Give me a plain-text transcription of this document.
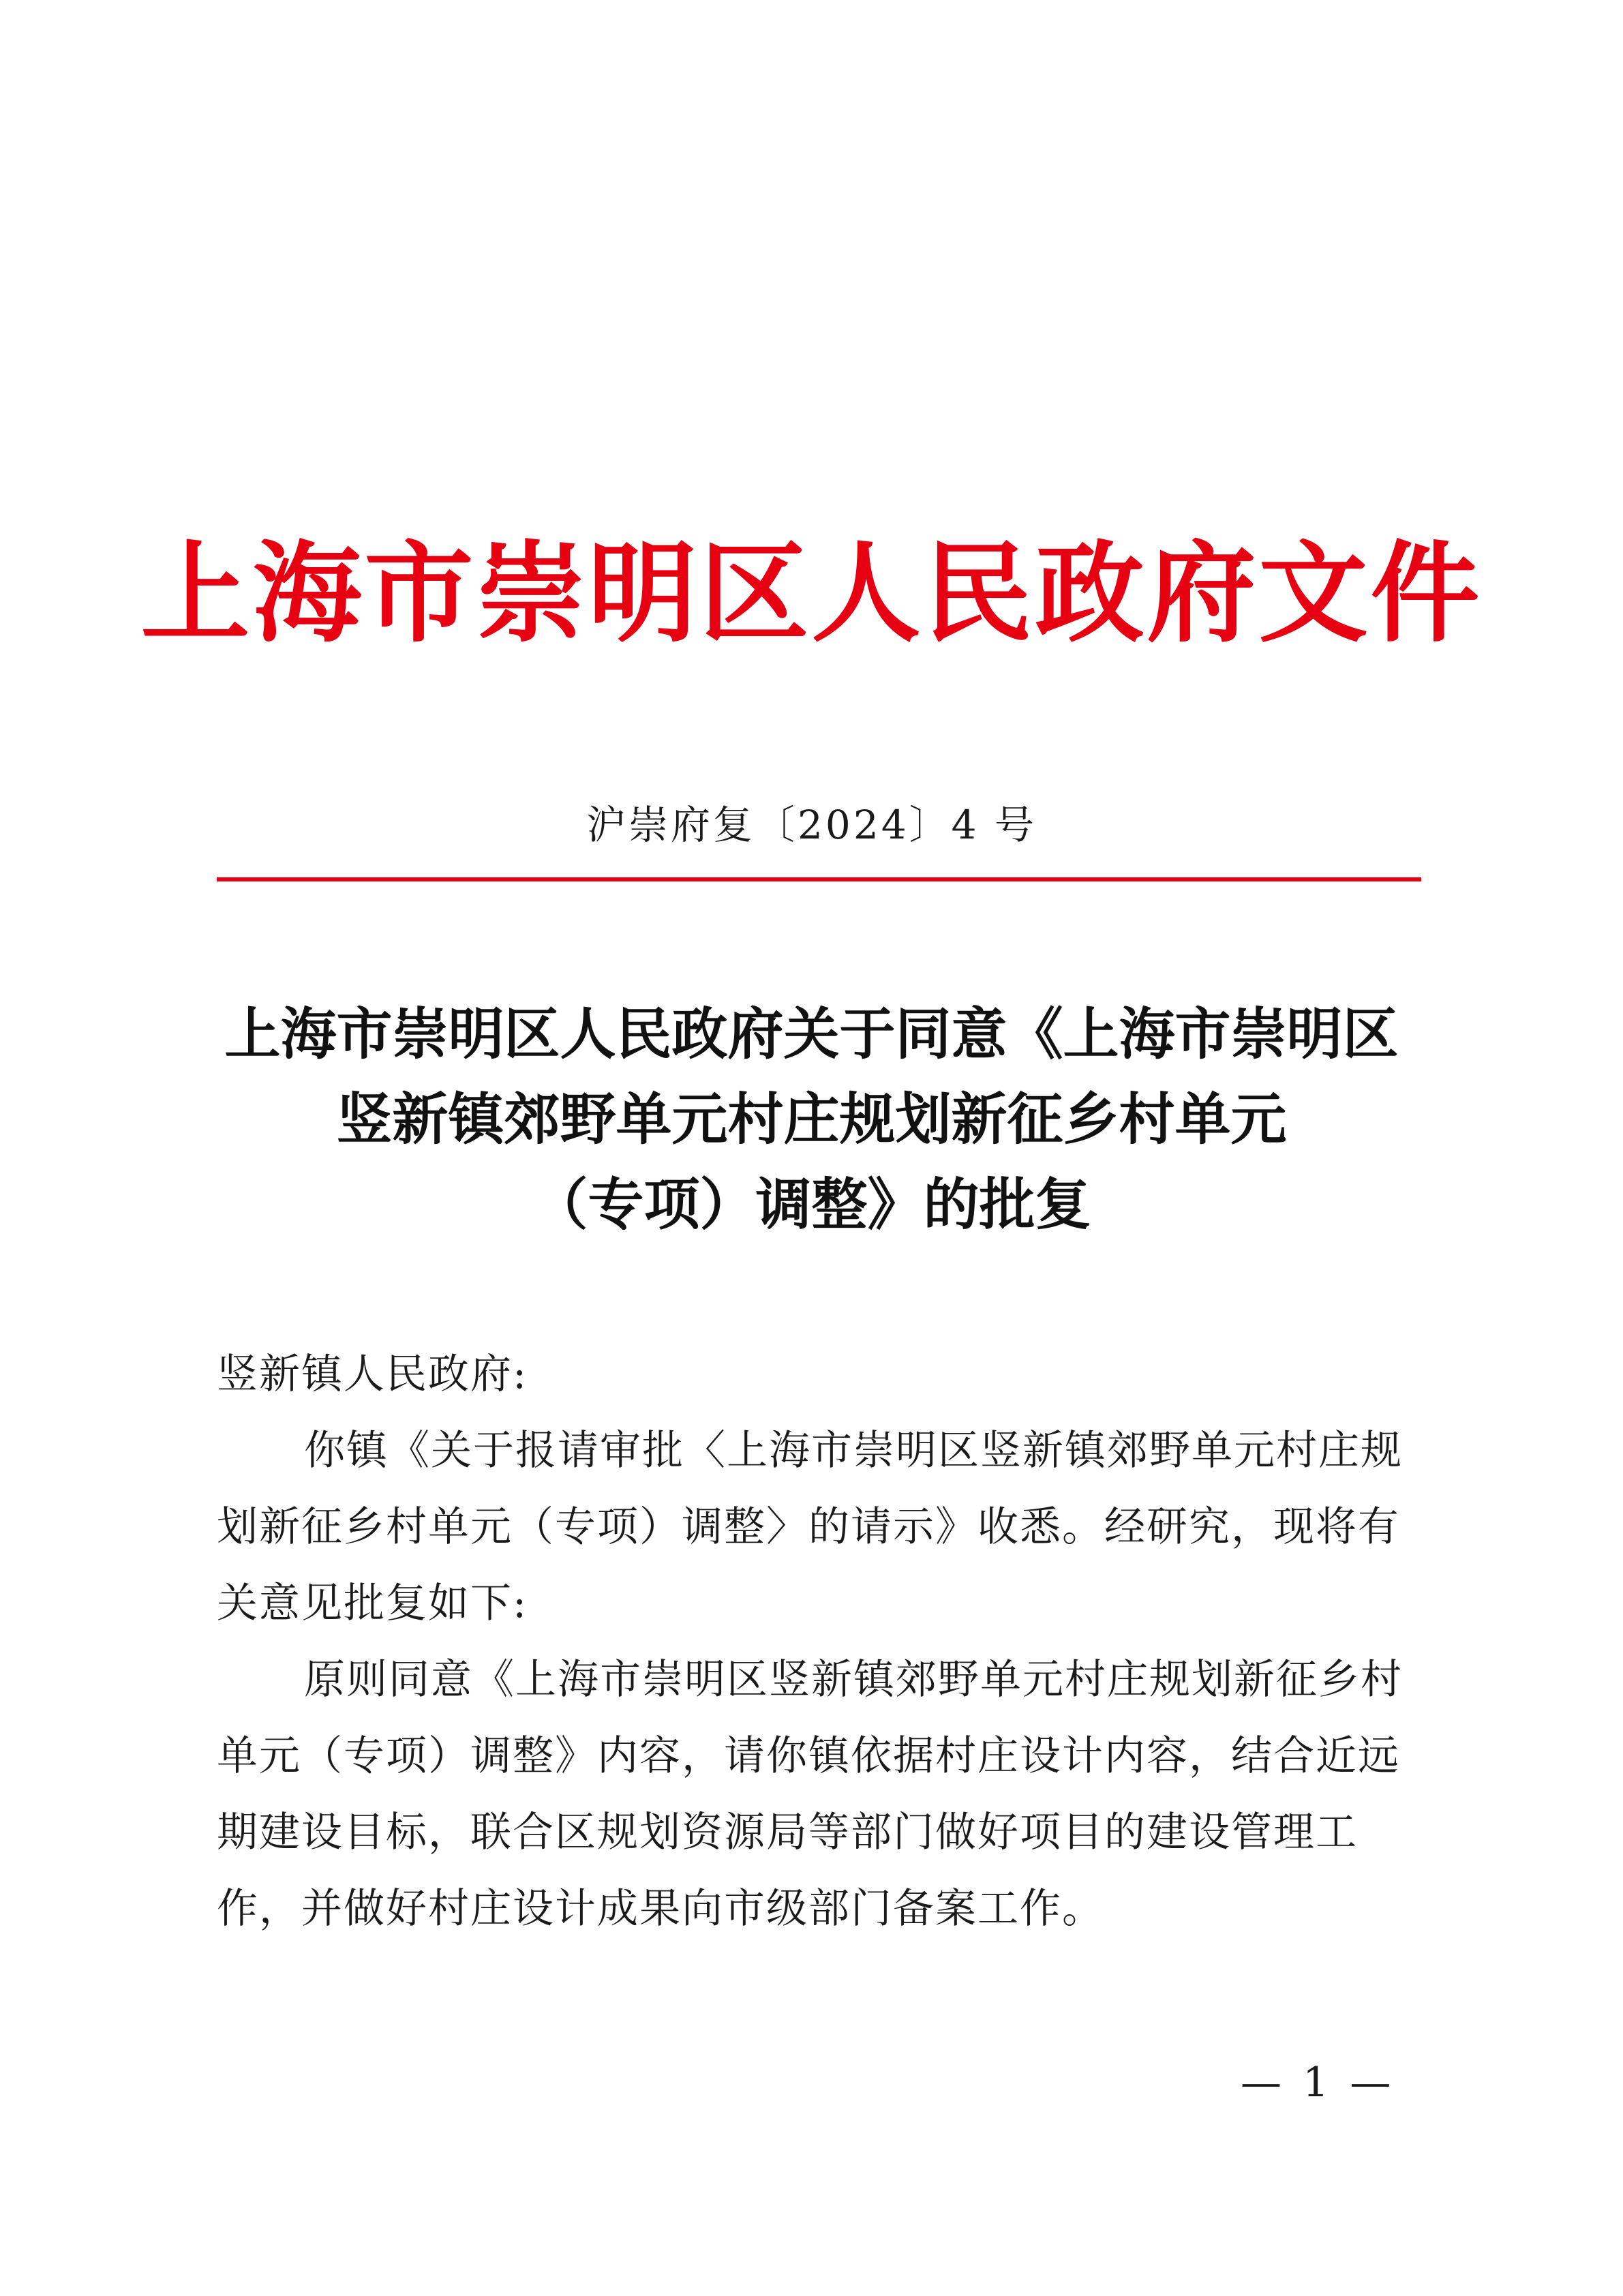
上海市崇明区人民政府文件
沪崇府复〔2024〕4 号
上海市崇明区人民政府关于同意《上海市崇明区
竖新镇郊野单元村庄规划新征乡村单元
（专项）调整》的批复
竖新镇人民政府:
你镇《关于报请审批〈上海市崇明区竖新镇郊野单元村庄规
划新征乡村单元（专项）调整〉的请示》收悉。经研究，现将有
关意见批复如下:
原则同意《上海市崇明区竖新镇郊野单元村庄规划新征乡村
单元（专项）调整》内容，请你镇依据村庄设计内容，结合近远
期建设目标，联合区规划资源局等部门做好项目的建设管理工
作，并做好村庄设计成果向市级部门备案工作。
— 1 —
